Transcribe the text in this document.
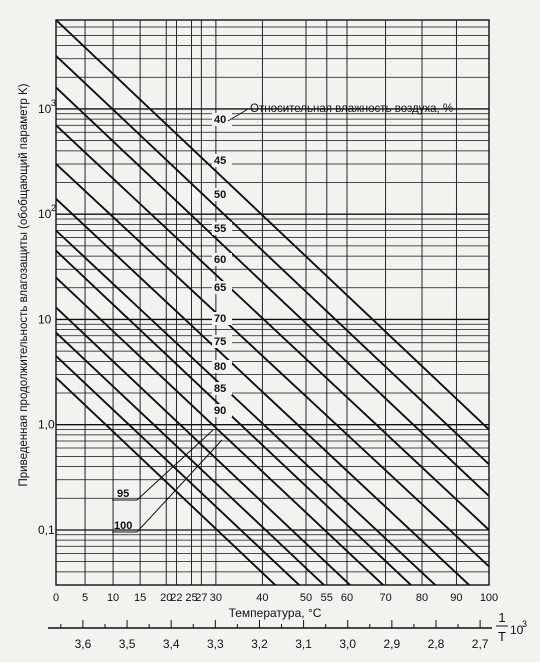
40
45
50
55
60
65
70
75
80
85
90
95
100
10 3
10 2
10
1,0
0,1
0 5 10 15 20
22 25
27 30	40	50 55 60 70 80 90 100
3,6 3,5 3,4 3,3 3,2 3,1 3,0 2,9 2,8 2,7
Приведенная продолжительность влагозащиты (обобщающий параметр K)
Температура, °C
Относительная влажность воздуха, %
1
T 10
3
